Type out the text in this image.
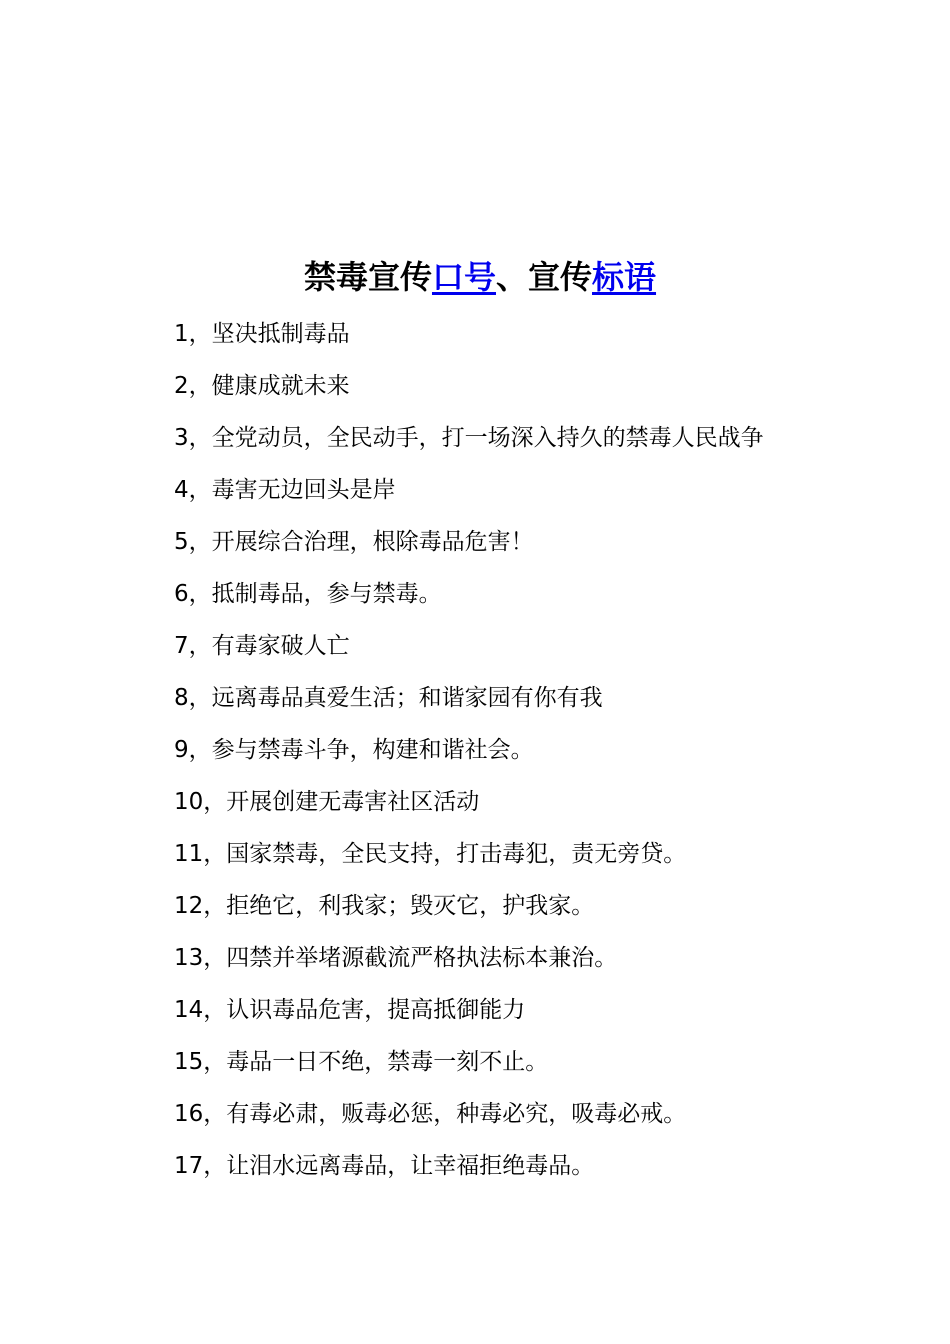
禁毒宣传口号、宣传标语
1，坚决抵制毒品
2，健康成就未来
3，全党动员，全民动手，打一场深入持久的禁毒人民战争
4，毒害无边回头是岸
5，开展综合治理，根除毒品危害！
6，抵制毒品，参与禁毒。
7，有毒家破人亡
8，远离毒品真爱生活；和谐家园有你有我
9，参与禁毒斗争，构建和谐社会。
10，开展创建无毒害社区活动
11，国家禁毒，全民支持，打击毒犯，责无旁贷。
12，拒绝它，利我家；毁灭它，护我家。
13，四禁并举堵源截流严格执法标本兼治。
14，认识毒品危害，提高抵御能力
15，毒品一日不绝，禁毒一刻不止。
16，有毒必肃，贩毒必惩，种毒必究，吸毒必戒。
17，让泪水远离毒品，让幸福拒绝毒品。
